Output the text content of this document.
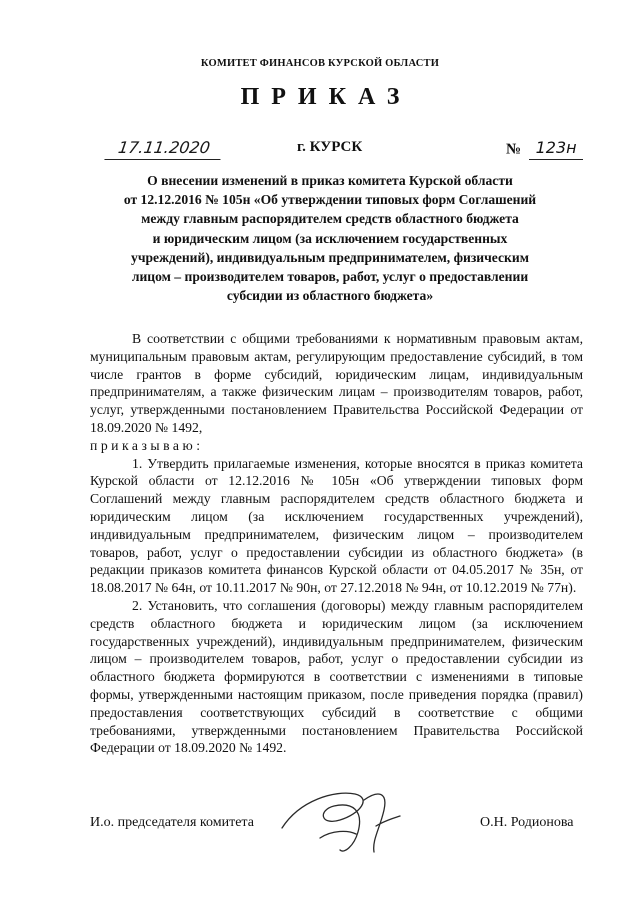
КОМИТЕТ ФИНАНСОВ КУРСКОЙ ОБЛАСТИ
ПРИКАЗ
17.11.2020	г. КУРСК	№ 123н
О внесении изменений в приказ комитета Курской области
от 12.12.2016 № 105н «Об утверждении типовых форм Соглашений
между главным распорядителем средств областного бюджета
и юридическим лицом (за исключением государственных
учреждений), индивидуальным предпринимателем, физическим
лицом – производителем товаров, работ, услуг о предоставлении
субсидии из областного бюджета»

В соответствии с общими требованиями к нормативным правовым актам, муниципальным правовым актам, регулирующим предоставление субсидий, в том числе грантов в форме субсидий, юридическим лицам, индивидуальным предпринимателям, а также физическим лицам – производителям товаров, работ, услуг, утвержденными постановлением Правительства Российской Федерации от 18.09.2020 № 1492,

приказываю:

1. Утвердить прилагаемые изменения, которые вносятся в приказ комитета Курской области от 12.12.2016 № 105н «Об утверждении типовых форм Соглашений между главным распорядителем средств областного бюджета и юридическим лицом (за исключением государственных учреждений), индивидуальным предпринимателем, физическим лицом – производителем товаров, работ, услуг о предоставлении субсидии из областного бюджета» (в редакции приказов комитета финансов Курской области от 04.05.2017 № 35н, от 18.08.2017 № 64н, от 10.11.2017 № 90н, от 27.12.2018 № 94н, от 10.12.2019 № 77н).

2. Установить, что соглашения (договоры) между главным распорядителем средств областного бюджета и юридическим лицом (за исключением государственных учреждений), индивидуальным предпринимателем, физическим лицом – производителем товаров, работ, услуг о предоставлении субсидии из областного бюджета формируются в соответствии с изменениями в типовые формы, утвержденными настоящим приказом, после приведения порядка (правил) предоставления соответствующих субсидий в соответствие с общими требованиями, утвержденными постановлением Правительства Российской Федерации от 18.09.2020 № 1492.

И.о. председателя комитета	О.Н. Родионова
